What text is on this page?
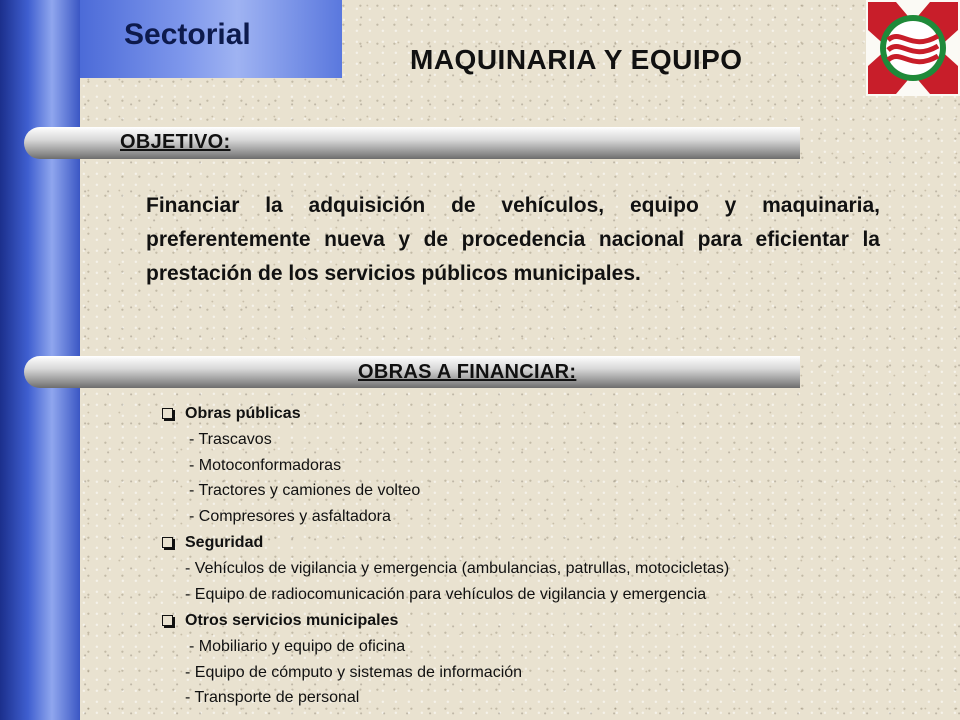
Sectorial
MAQUINARIA Y EQUIPO
OBJETIVO:

Financiar la adquisición de vehículos, equipo y maquinaria, preferentemente nueva y de procedencia nacional para eficientar la prestación de los servicios públicos municipales.

OBRAS A FINANCIAR:
Obras públicas
- Trascavos
- Motoconformadoras
- Tractores y camiones de volteo
- Compresores y asfaltadora
Seguridad
- Vehículos de vigilancia y emergencia (ambulancias, patrullas, motocicletas)
- Equipo de radiocomunicación para vehículos de vigilancia y emergencia
Otros servicios municipales
- Mobiliario y equipo de oficina
- Equipo de cómputo y sistemas de información
- Transporte de personal
